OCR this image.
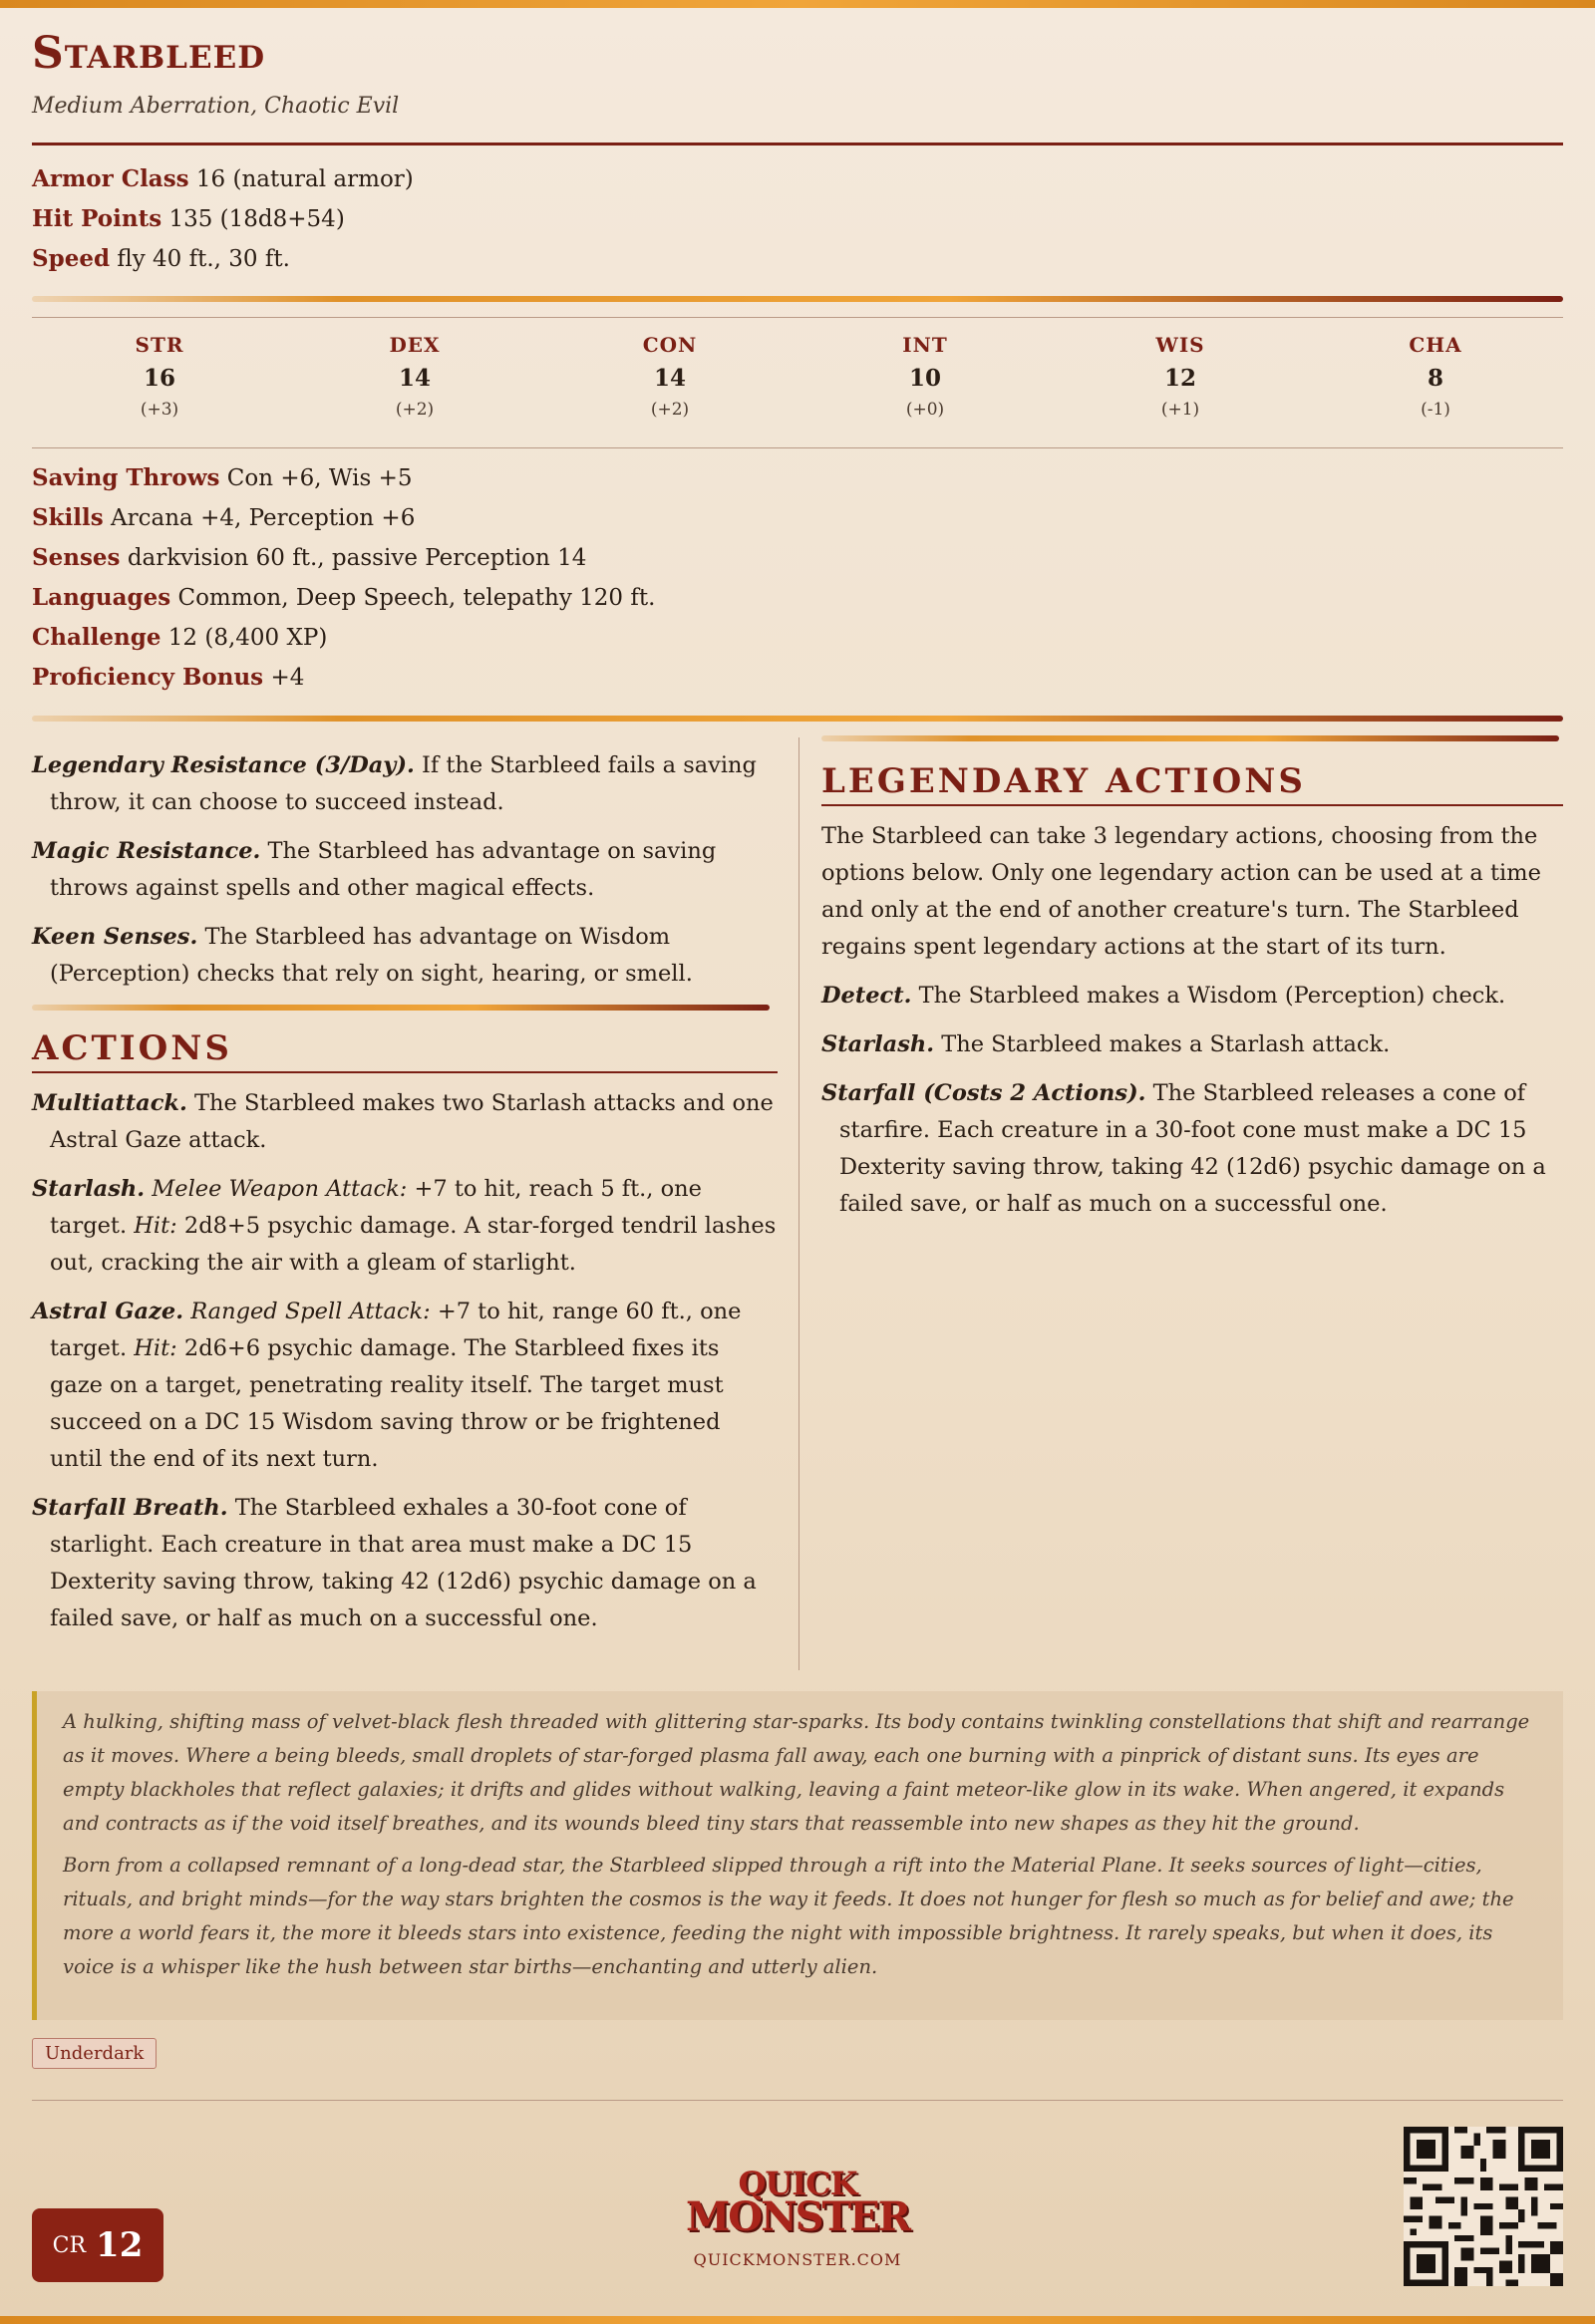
Starbleed
Medium Aberration, Chaotic Evil
Armor Class 16 (natural armor)
Hit Points 135 (18d8+54)
Speed fly 40 ft., 30 ft.
STR
16
(+3)
DEX
14
(+2)
CON
14
(+2)
INT
10
(+0)
WIS
12
(+1)
CHA
8
(-1)
Saving Throws Con +6, Wis +5
Skills Arcana +4, Perception +6
Senses darkvision 60 ft., passive Perception 14
Languages Common, Deep Speech, telepathy 120 ft.
Challenge 12 (8,400 XP)
Proficiency Bonus +4

Legendary Resistance (3/Day). If the Starbleed fails a saving throw, it can choose to succeed instead.

Magic Resistance. The Starbleed has advantage on saving throws against spells and other magical effects.

Keen Senses. The Starbleed has advantage on Wisdom (Perception) checks that rely on sight, hearing, or smell.

ACTIONS

Multiattack. The Starbleed makes two Starlash attacks and one Astral Gaze attack.

Starlash. Melee Weapon Attack: +7 to hit, reach 5 ft., one target. Hit: 2d8+5 psychic damage. A star-forged tendril lashes out, cracking the air with a gleam of starlight.

Astral Gaze. Ranged Spell Attack: +7 to hit, range 60 ft., one target. Hit: 2d6+6 psychic damage. The Starbleed fixes its gaze on a target, penetrating reality itself. The target must succeed on a DC 15 Wisdom saving throw or be frightened until the end of its next turn.

Starfall Breath. The Starbleed exhales a 30-foot cone of starlight. Each creature in that area must make a DC 15 Dexterity saving throw, taking 42 (12d6) psychic damage on a failed save, or half as much on a successful one.

LEGENDARY ACTIONS

The Starbleed can take 3 legendary actions, choosing from the options below. Only one legendary action can be used at a time and only at the end of another creature's turn. The Starbleed regains spent legendary actions at the start of its turn.

Detect. The Starbleed makes a Wisdom (Perception) check.

Starlash. The Starbleed makes a Starlash attack.

Starfall (Costs 2 Actions). The Starbleed releases a cone of starfire. Each creature in a 30-foot cone must make a DC 15 Dexterity saving throw, taking 42 (12d6) psychic damage on a failed save, or half as much on a successful one.

A hulking, shifting mass of velvet-black flesh threaded with glittering star-sparks. Its body contains twinkling constellations that shift and rearrange as it moves. Where a being bleeds, small droplets of star-forged plasma fall away, each one burning with a pinprick of distant suns. Its eyes are empty blackholes that reflect galaxies; it drifts and glides without walking, leaving a faint meteor-like glow in its wake. When angered, it expands and contracts as if the void itself breathes, and its wounds bleed tiny stars that reassemble into new shapes as they hit the ground.

Born from a collapsed remnant of a long-dead star, the Starbleed slipped through a rift into the Material Plane. It seeks sources of light—cities, rituals, and bright minds—for the way stars brighten the cosmos is the way it feeds. It does not hunger for flesh so much as for belief and awe; the more a world fears it, the more it bleeds stars into existence, feeding the night with impossible brightness. It rarely speaks, but when it does, its voice is a whisper like the hush between star births—enchanting and utterly alien.

Underdark
CR 12
QUICK
MONSTER
QUICKMONSTER.COM
